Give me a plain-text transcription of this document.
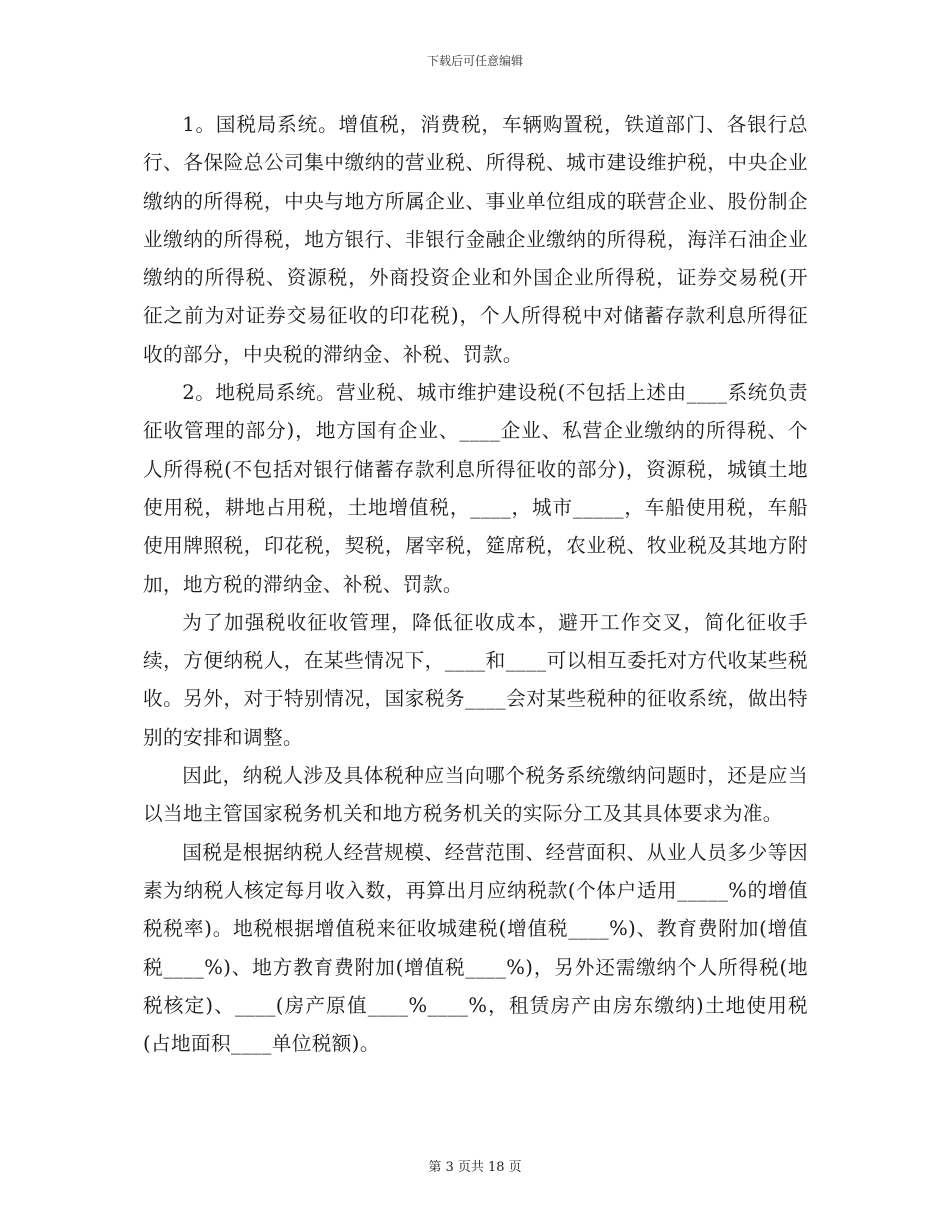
下载后可任意编辑

1。国税局系统。增值税，消费税，车辆购置税，铁道部门、各银行总行、各保险总公司集中缴纳的营业税、所得税、城市建设维护税，中央企业缴纳的所得税，中央与地方所属企业、事业单位组成的联营企业、股份制企业缴纳的所得税，地方银行、非银行金融企业缴纳的所得税，海洋石油企业缴纳的所得税、资源税，外商投资企业和外国企业所得税，证券交易税(开征之前为对证券交易征收的印花税)，个人所得税中对储蓄存款利息所得征收的部分，中央税的滞纳金、补税、罚款。

2。地税局系统。营业税、城市维护建设税(不包括上述由____系统负责征收管理的部分)，地方国有企业、____企业、私营企业缴纳的所得税、个人所得税(不包括对银行储蓄存款利息所得征收的部分)，资源税，城镇土地使用税，耕地占用税，土地增值税，____，城市_____，车船使用税，车船使用牌照税，印花税，契税，屠宰税，筵席税，农业税、牧业税及其地方附加，地方税的滞纳金、补税、罚款。

为了加强税收征收管理，降低征收成本，避开工作交叉，简化征收手续，方便纳税人，在某些情况下，____和____可以相互委托对方代收某些税收。另外，对于特别情况，国家税务____会对某些税种的征收系统，做出特别的安排和调整。

因此，纳税人涉及具体税种应当向哪个税务系统缴纳问题时，还是应当以当地主管国家税务机关和地方税务机关的实际分工及其具体要求为准。

国税是根据纳税人经营规模、经营范围、经营面积、从业人员多少等因素为纳税人核定每月收入数，再算出月应纳税款(个体户适用_____%的增值税税率)。地税根据增值税来征收城建税(增值税____%)、教育费附加(增值税____%)、地方教育费附加(增值税____%)，另外还需缴纳个人所得税(地税核定)、____(房产原值____%____%，租赁房产由房东缴纳)土地使用税(占地面积____单位税额)。

第 3 页共 18 页
